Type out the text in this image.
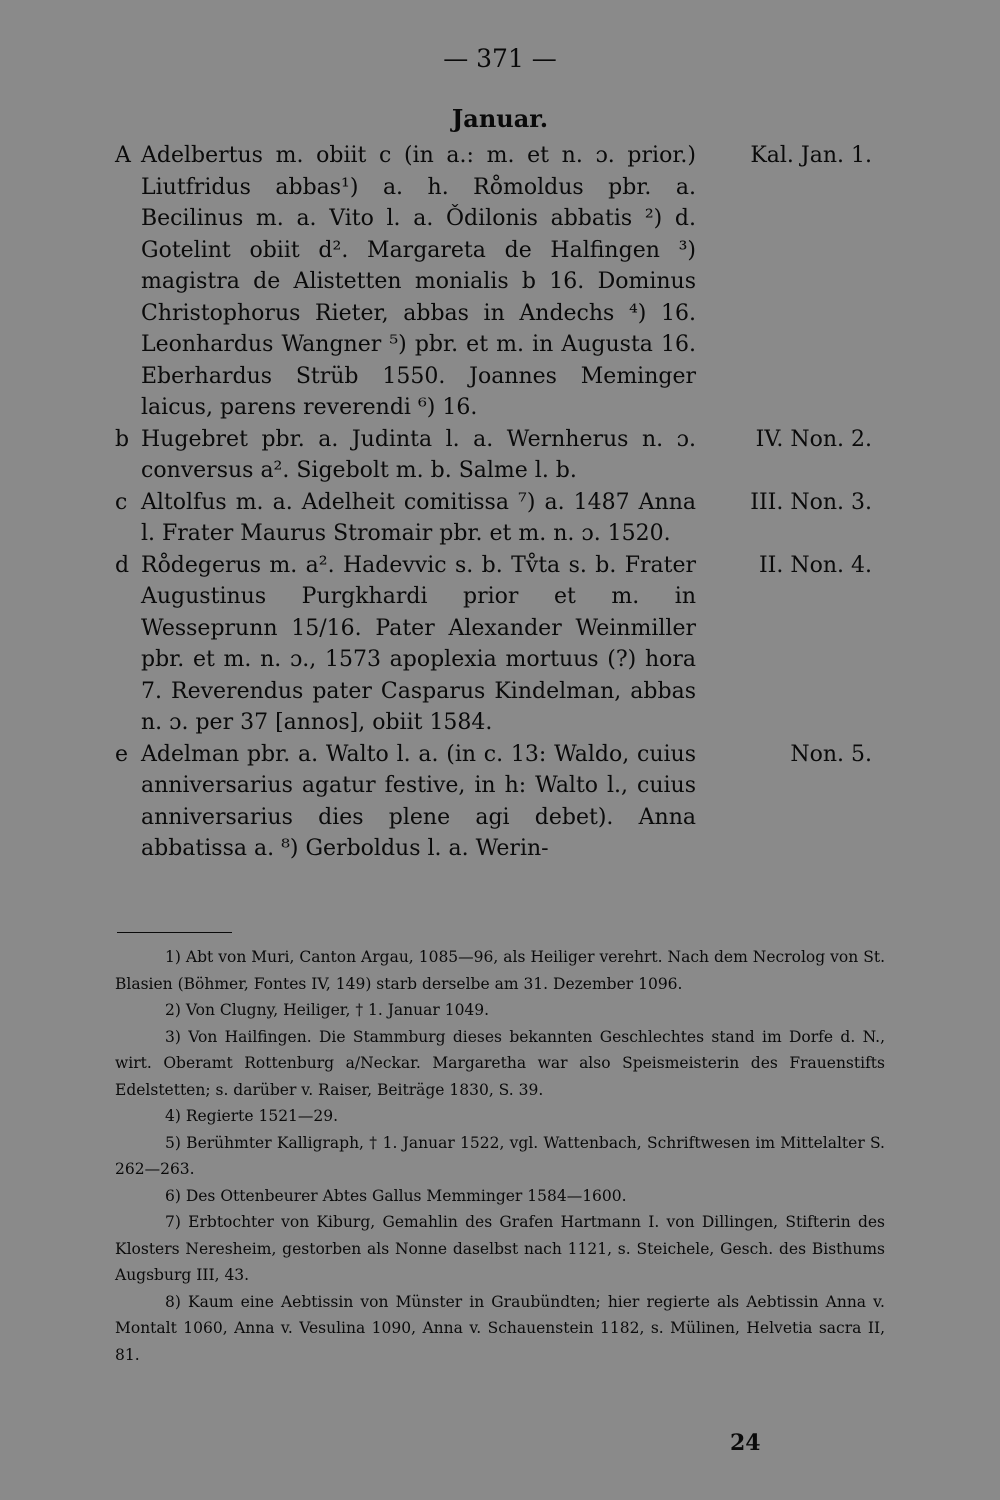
— 371 —
Januar.
A Adelbertus m. obiit c (in a.: m. et n. ɔ. prior.) Liutfridus abbas¹) a. h. Ro̊moldus pbr. a. Becilinus m. a. Vito l. a. Ǒdilonis abbatis ²) d. Gotelint obiit d². Margareta de Halfingen ³) magistra de Alistetten monialis b 16. Dominus Christophorus Rieter, abbas in Andechs ⁴) 16. Leonhardus Wangner ⁵) pbr. et m. in Augusta 16. Eberhardus Strüb 1550. Joannes Meminger laicus, parens reverendi ⁶) 16.
Kal. Jan. 1.
b Hugebret pbr. a. Judinta l. a. Wernherus n. ɔ. conversus a². Sigebolt m. b. Salme l. b.
IV. Non. 2.
c Altolfus m. a. Adelheit comitissa ⁷) a. 1487 Anna l. Frater Maurus Stromair pbr. et m. n. ɔ. 1520.
III. Non. 3.
d Ro̊degerus m. a². Hadevvic s. b. Tv̊ta s. b. Frater Augustinus Purgkhardi prior et m. in Wesseprunn 15/16. Pater Alexander Weinmiller pbr. et m. n. ɔ., 1573 apoplexia mortuus (?) hora 7. Reverendus pater Casparus Kindelman, abbas n. ɔ. per 37 [annos], obiit 1584.
II. Non. 4.
e Adelman pbr. a. Walto l. a. (in c. 13: Waldo, cuius anniversarius agatur festive, in h: Walto l., cuius anniversarius dies plene agi debet). Anna abbatissa a. ⁸) Gerboldus l. a. Werin-
Non. 5.

1) Abt von Muri, Canton Argau, 1085—96, als Heiliger verehrt. Nach dem Necrolog von St. Blasien (Böhmer, Fontes IV, 149) starb derselbe am 31. Dezember 1096.

2) Von Clugny, Heiliger, † 1. Januar 1049.

3) Von Hailfingen. Die Stammburg dieses bekannten Geschlechtes stand im Dorfe d. N., wirt. Oberamt Rottenburg a/Neckar. Margaretha war also Speismeisterin des Frauenstifts Edelstetten; s. darüber v. Raiser, Beiträge 1830, S. 39.

4) Regierte 1521—29.

5) Berühmter Kalligraph, † 1. Januar 1522, vgl. Wattenbach, Schriftwesen im Mittelalter S. 262—263.

6) Des Ottenbeurer Abtes Gallus Memminger 1584—1600.

7) Erbtochter von Kiburg, Gemahlin des Grafen Hartmann I. von Dillingen, Stifterin des Klosters Neresheim, gestorben als Nonne daselbst nach 1121, s. Steichele, Gesch. des Bisthums Augsburg III, 43.

8) Kaum eine Aebtissin von Münster in Graubündten; hier regierte als Aebtissin Anna v. Montalt 1060, Anna v. Vesulina 1090, Anna v. Schauenstein 1182, s. Mülinen, Helvetia sacra II, 81.

24
